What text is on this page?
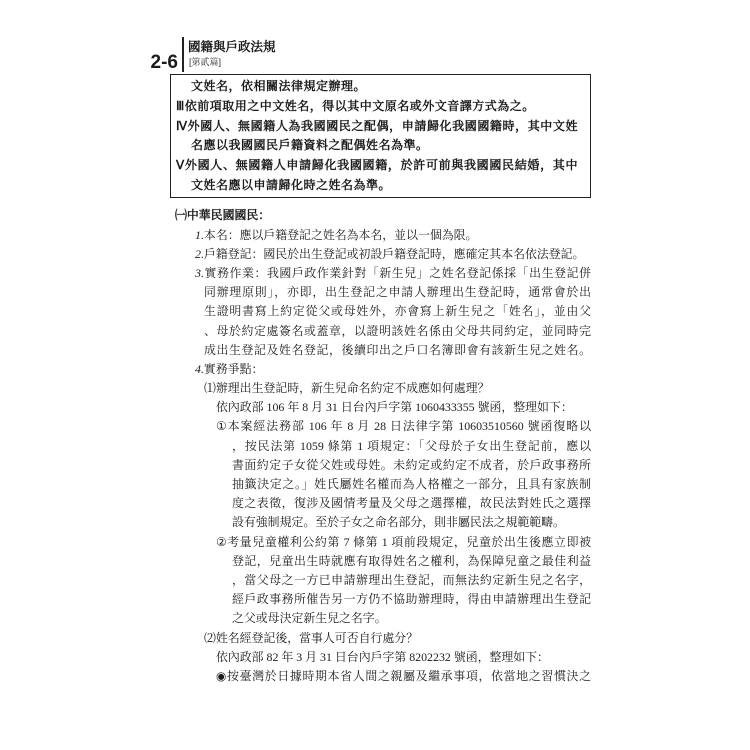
2-6
國籍與戶政法規
[第貳篇]
文姓名，依相關法律規定辦理。
Ⅲ依前項取用之中文姓名，得以其中文原名或外文音譯方式為之。
Ⅳ外國人、無國籍人為我國國民之配偶，申請歸化我國國籍時，其中文姓
名應以我國國民戶籍資料之配偶姓名為準。
Ⅴ外國人、無國籍人申請歸化我國國籍，於許可前與我國國民結婚，其中
文姓名應以申請歸化時之姓名為準。
㈠中華民國國民：
1.本名：應以戶籍登記之姓名為本名，並以一個為限。
2.戶籍登記：國民於出生登記或初設戶籍登記時，應確定其本名依法登記。
3.實務作業：我國戶政作業針對「新生兒」之姓名登記係採「出生登記併
同辦理原則」，亦即，出生登記之申請人辦理出生登記時，通常會於出
生證明書寫上約定從父或母姓外，亦會寫上新生兒之「姓名」，並由父
、母於約定處簽名或蓋章，以證明該姓名係由父母共同約定，並同時完
成出生登記及姓名登記，後續印出之戶口名簿即會有該新生兒之姓名。
4.實務爭點：
⑴辦理出生登記時，新生兒命名約定不成應如何處理？
依內政部 106 年 8 月 31 日台內戶字第 1060433355 號函，整理如下：
①本案經法務部 106 年 8 月 28 日法律字第 10603510560 號函復略以
，按民法第 1059 條第 1 項規定：「父母於子女出生登記前，應以
書面約定子女從父姓或母姓。未約定或約定不成者，於戶政事務所
抽籤決定之。」姓氏屬姓名權而為人格權之一部分，且具有家族制
度之表徵，復涉及國情考量及父母之選擇權，故民法對姓氏之選擇
設有強制規定。至於子女之命名部分，則非屬民法之規範範疇。
②考量兒童權利公約第 7 條第 1 項前段規定，兒童於出生後應立即被
登記，兒童出生時就應有取得姓名之權利，為保障兒童之最佳利益
，當父母之一方已申請辦理出生登記，而無法約定新生兒之名字，
經戶政事務所催告另一方仍不協助辦理時，得由申請辦理出生登記
之父或母決定新生兒之名字。
⑵姓名經登記後，當事人可否自行處分？
依內政部 82 年 3 月 31 日台內戶字第 8202232 號函，整理如下：
◉按臺灣於日據時期本省人間之親屬及繼承事項，依當地之習慣決之
